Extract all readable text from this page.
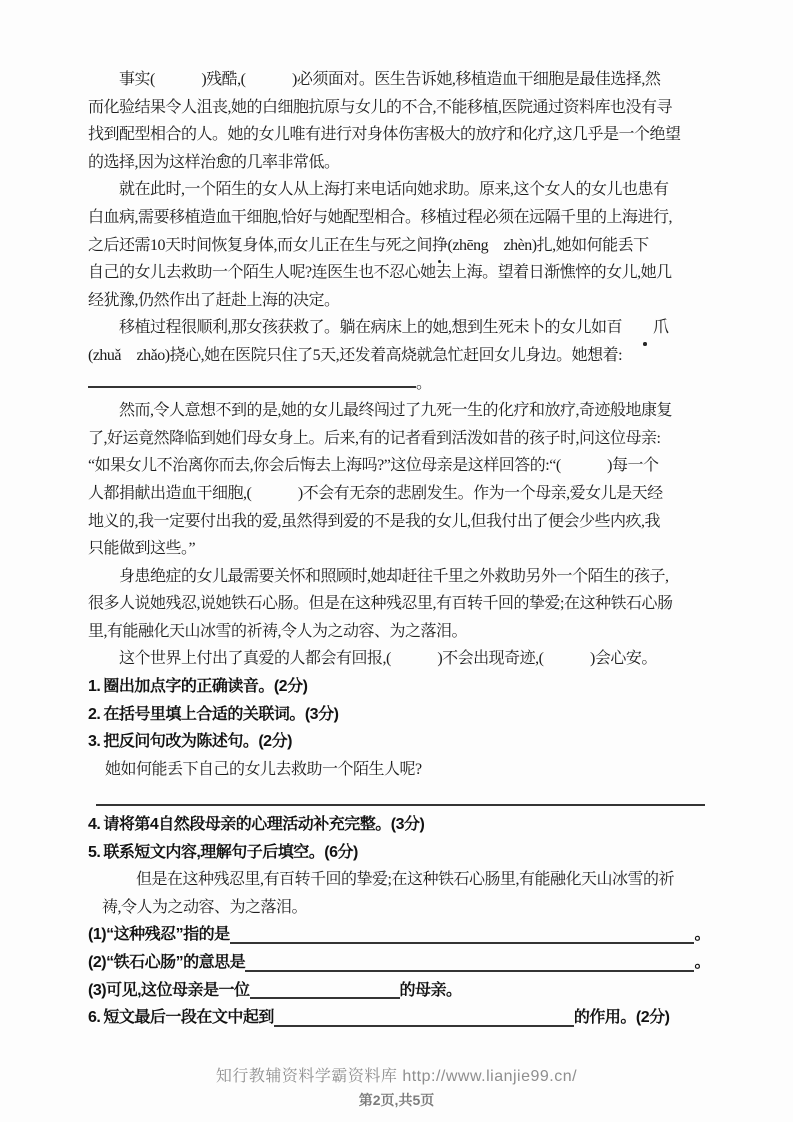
事实(　　　)残酷,(　　　)必须面对。医生告诉她,移植造血干细胞是最佳选择,然
而化验结果令人沮丧,她的白细胞抗原与女儿的不合,不能移植,医院通过资料库也没有寻
找到配型相合的人。她的女儿唯有进行对身体伤害极大的放疗和化疗,这几乎是一个绝望
的选择,因为这样治愈的几率非常低。
就在此时,一个陌生的女人从上海打来电话向她求助。原来,这个女人的女儿也患有
白血病,需要移植造血干细胞,恰好与她配型相合。移植过程必须在远隔千里的上海进行,
之后还需10天时间恢复身体,而女儿正在生与死之间挣(zhēng　zhèn)扎,她如何能丢下
自己的女儿去救助一个陌生人呢?连医生也不忍心她去上海。望着日渐憔悴的女儿,她几
经犹豫,仍然作出了赶赴上海的决定。
移植过程很顺利,那女孩获救了。躺在病床上的她,想到生死未卜的女儿如百 爪
(zhuǎ　zhǎo)挠心,她在医院只住了5天,还发着高烧就急忙赶回女儿身边。她想着:
。
然而,令人意想不到的是,她的女儿最终闯过了九死一生的化疗和放疗,奇迹般地康复
了,好运竟然降临到她们母女身上。后来,有的记者看到活泼如昔的孩子时,问这位母亲:
“如果女儿不治离你而去,你会后悔去上海吗?”这位母亲是这样回答的:“(　　　)每一个
人都捐献出造血干细胞,(　　　)不会有无奈的悲剧发生。作为一个母亲,爱女儿是天经
地义的,我一定要付出我的爱,虽然得到爱的不是我的女儿,但我付出了便会少些内疚,我
只能做到这些。”
身患绝症的女儿最需要关怀和照顾时,她却赶往千里之外救助另外一个陌生的孩子,
很多人说她残忍,说她铁石心肠。但是在这种残忍里,有百转千回的挚爱;在这种铁石心肠
里,有能融化天山冰雪的祈祷,令人为之动容、为之落泪。
这个世界上付出了真爱的人都会有回报,(　　　)不会出现奇迹,(　　　)会心安。
1. 圈出加点字的正确读音。(2分)
2. 在括号里填上合适的关联词。(3分)
3. 把反问句改为陈述句。(2分)
她如何能丢下自己的女儿去救助一个陌生人呢?
4. 请将第4自然段母亲的心理活动补充完整。(3分)
5. 联系短文内容,理解句子后填空。(6分)
但是在这种残忍里,有百转千回的挚爱;在这种铁石心肠里,有能融化天山冰雪的祈
祷,令人为之动容、为之落泪。
(1) “这种残忍”指的是	。
(2) “铁石心肠”的意思是	。
(3) 可见,这位母亲是一位	的母亲。
6. 短文最后一段在文中起到	的作用。(2分)
知行教辅资料学霸资料库 http://www.lianjie99.cn/
第2页,共5页
